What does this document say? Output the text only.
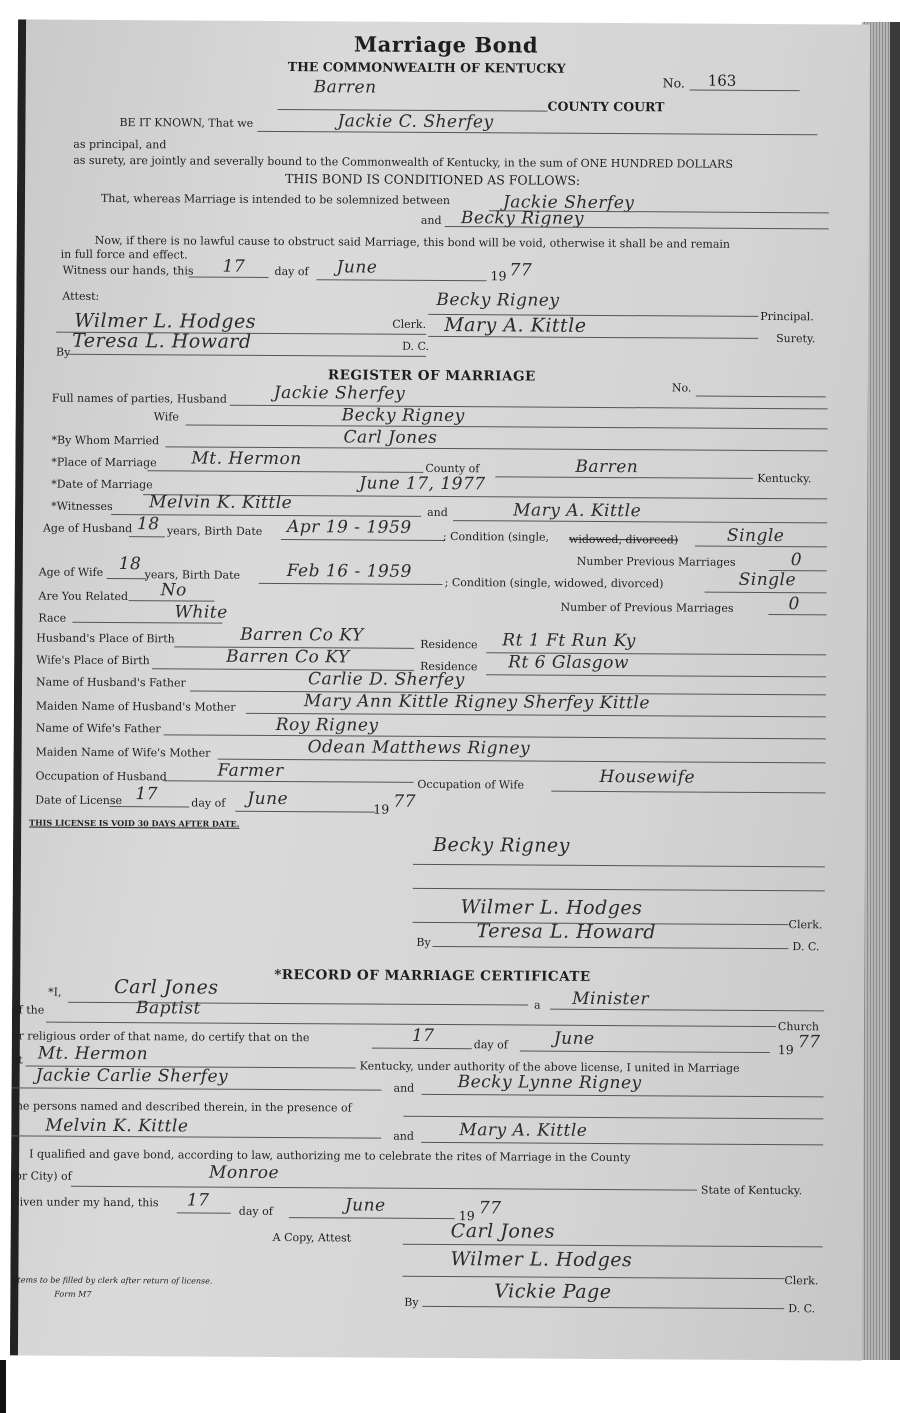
Marriage Bond
THE COMMONWEALTH OF KENTUCKY
No. 163
Barren
COUNTY COURT
BE IT KNOWN, That we	Jackie C. Sherfey
as principal, and
as surety, are jointly and severally bound to the Commonwealth of Kentucky, in the sum of ONE HUNDRED DOLLARS
THIS BOND IS CONDITIONED AS FOLLOWS:
That, whereas Marriage is intended to be solemnized between	Jackie Sherfey
and Becky Rigney
Now, if there is no lawful cause to obstruct said Marriage, this bond will be void, otherwise it shall be and remain
in full force and effect.
Witness our hands, this 17	day of June	19 77
Attest:
Wilmer L. Hodges
By Teresa L. Howard
Clerk.
D. C.
Becky Rigney
Principal.
Mary A. Kittle
Surety.
REGISTER OF MARRIAGE
No.
Full names of parties, Husband	Jackie Sherfey
Wife	Becky Rigney
*By Whom Married	Carl Jones
*Place of Marriage Mt. Hermon	County of	Barren
Kentucky.
*Date of Marriage	June 17, 1977
*Witnesses Melvin K. Kittle	and	Mary A. Kittle
Age of Husband 18 years, Birth Date Apr 19 - 1959	; Condition (single, widowed, divorced)	Single
Number Previous Marriages	0
Age of Wife 18
years, Birth Date	Feb 16 - 1959
; Condition (single, widowed, divorced)	Single
Number of Previous Marriages	0
Are You Related No
Race	White
Husband's Place of Birth	Barren Co KY	Residence Rt 1 Ft Run Ky
Wife's Place of Birth	Barren Co KY	Residence Rt 6 Glasgow
Name of Husband's Father	Carlie D. Sherfey
Maiden Name of Husband's Mother	Mary Ann Kittle Rigney Sherfey Kittle
Name of Wife's Father	Roy Rigney
Maiden Name of Wife's Mother	Odean Matthews Rigney
Occupation of Husband	Farmer
Occupation of Wife	Housewife
Date of License 17	day of June
19 77
THIS LICENSE IS VOID 30 DAYS AFTER DATE.
Becky Rigney
Wilmer L. Hodges
Clerk.
By Teresa L. Howard
D. C.
*RECORD OF MARRIAGE CERTIFICATE
*I,	Carl Jones
a Minister
of the	Baptist
Church
or religious order of that name, do certify that on the	17	day of	June
19 77
at Mt. Hermon
Kentucky, under authority of the above license, I united in Marriage
Jackie Carlie Sherfey
and	Becky Lynne Rigney
the persons named and described therein, in the presence of
Melvin K. Kittle	and	Mary A. Kittle
I qualified and gave bond, according to law, authorizing me to celebrate the rites of Marriage in the County
(or City) of	Monroe
State of Kentucky.
Given under my hand, this 17
day of	June	19 77
A Copy, Attest	Carl Jones
Wilmer L. Hodges
Clerk.
By	Vickie Page
D. C.
*Items to be filled by clerk after return of license.
Form M7
